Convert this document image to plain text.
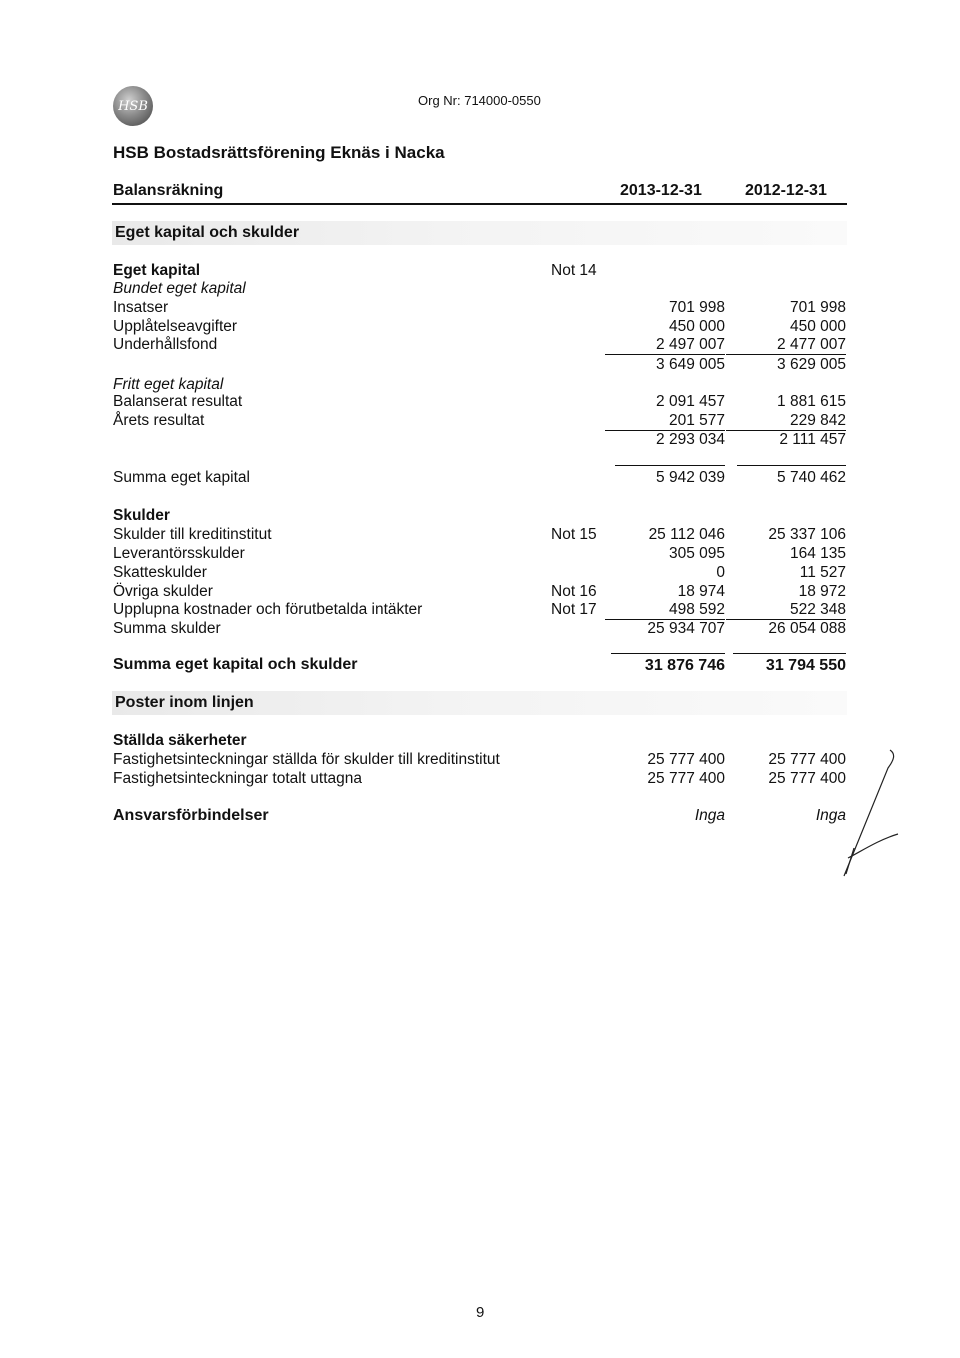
HSB	Org Nr: 714000-0550
HSB Bostadsrättsförening Eknäs i Nacka
Balansräkning	2013-12-31	2012-12-31
Eget kapital och skulder
Eget kapital	Not 14
Bundet eget kapital
Insatser	701 998	701 998
Upplåtelseavgifter	450 000	450 000
Underhållsfond	2 497 007	2 477 007
3 649 005	3 629 005
Fritt eget kapital
Balanserat resultat	2 091 457	1 881 615
Årets resultat	201 577	229 842
2 293 034	2 111 457
Summa eget kapital	5 942 039	5 740 462
Skulder
Skulder till kreditinstitut	Not 15	25 112 046	25 337 106
Leverantörsskulder	305 095	164 135
Skatteskulder	0	11 527
Övriga skulder	Not 16	18 974	18 972
Upplupna kostnader och förutbetalda intäkter	Not 17	498 592	522 348
Summa skulder	25 934 707	26 054 088
Summa eget kapital och skulder	31 876 746	31 794 550
Poster inom linjen
Ställda säkerheter
Fastighetsinteckningar ställda för skulder till kreditinstitut	25 777 400	25 777 400
Fastighetsinteckningar totalt uttagna	25 777 400	25 777 400
Ansvarsförbindelser	Inga	Inga
9
